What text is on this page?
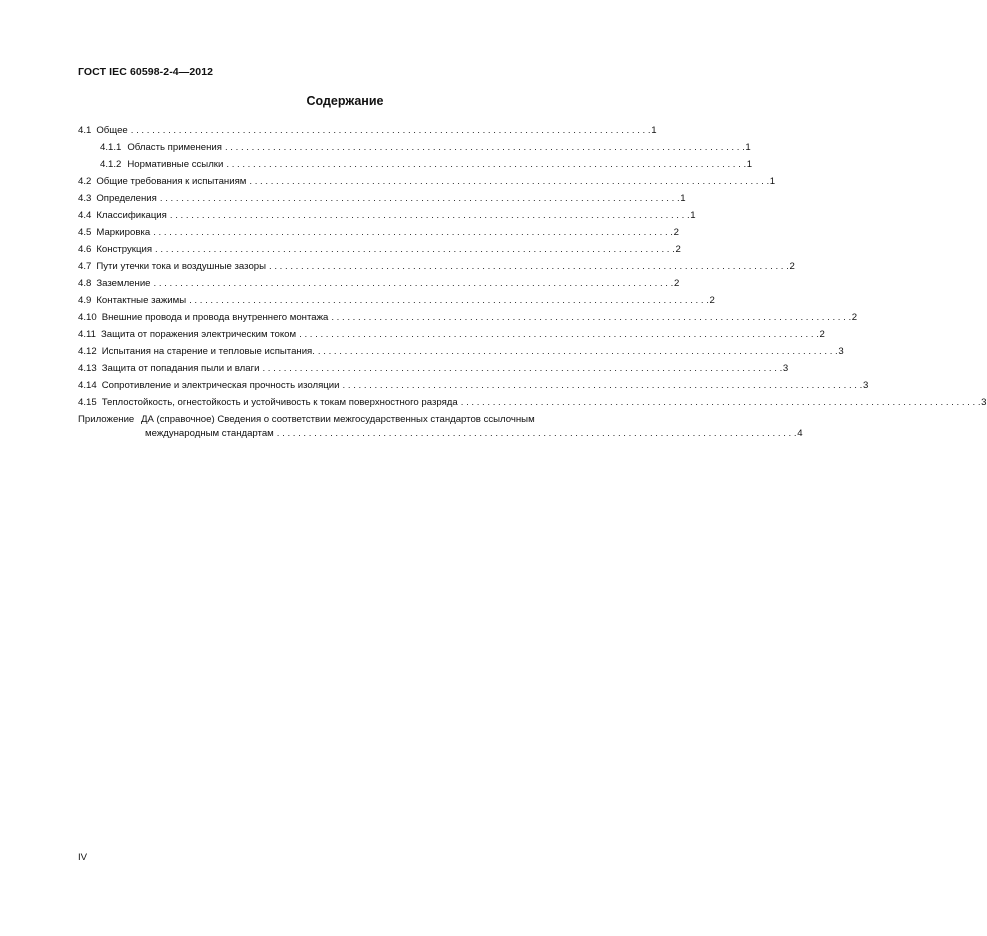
ГОСТ IEC 60598-2-4—2012
Содержание
4.1 Общее . . .	1
4.1.1 Область применения . . .	1
4.1.2 Нормативные ссылки . . .	1
4.2 Общие требования к испытаниям . . .	1
4.3 Определения . . .	1
4.4 Классификация . . .	1
4.5 Маркировка . . .	2
4.6 Конструкция . . .	2
4.7 Пути утечки тока и воздушные зазоры . . .	2
4.8 Заземление . . .	2
4.9 Контактные зажимы . . .	2
4.10 Внешние провода и провода внутреннего монтажа . . .	2
4.11 Защита от поражения электрическим током . . .	2
4.12 Испытания на старение и тепловые испытания. . . .	3
4.13 Защита от попадания пыли и влаги . . .	3
4.14 Сопротивление и электрическая прочность изоляции . . .	3
4.15 Теплостойкость, огнестойкость и устойчивость к токам поверхностного разряда . . .	3
Приложение ДА (справочное) Сведения о соответствии межгосударственных стандартов ссылочным
международным стандартам . . .	4
IV
